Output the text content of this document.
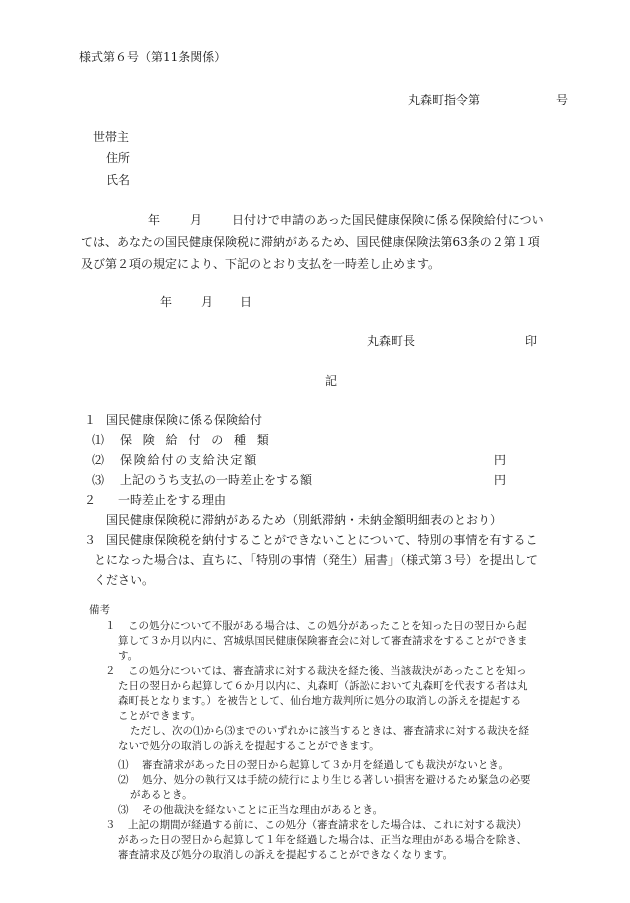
様式第６号（第11条関係）
丸森町指令第	号
世帯主
住所
氏名
年 月 日付けで申請のあった国民健康保険に係る保険給付につい
ては、あなたの国民健康保険税に滞納があるため、国民健康保険法第63条の２第１項
及び第２項の規定により、下記のとおり支払を一時差し止めます。
年 月 日
丸森町長	印
記
１ 国民健康保険に係る保険給付
⑴ 保険給付の種類
⑵ 保険給付の支給決定額	円
⑶ 上記のうち支払の一時差止をする額	円
２ 一時差止をする理由
国民健康保険税に滞納があるため（別紙滞納・未納金額明細表のとおり）
３ 国民健康保険税を納付することができないことについて、特別の事情を有するこ
とになった場合は、直ちに、「特別の事情（発生）届書」（様式第３号）を提出して
ください。
備考
１ この処分について不服がある場合は、この処分があったことを知った日の翌日から起
算して３か月以内に、宮城県国民健康保険審査会に対して審査請求をすることができま
す。
２ この処分については、審査請求に対する裁決を経た後、当該裁決があったことを知っ
た日の翌日から起算して６か月以内に、丸森町（訴訟において丸森町を代表する者は丸
森町長となります。）を被告として、仙台地方裁判所に処分の取消しの訴えを提起する
ことができます。
ただし、次の⑴から⑶までのいずれかに該当するときは、審査請求に対する裁決を経
ないで処分の取消しの訴えを提起することができます。
⑴ 審査請求があった日の翌日から起算して３か月を経過しても裁決がないとき。
⑵ 処分、処分の執行又は手続の続行により生じる著しい損害を避けるため緊急の必要
があるとき。
⑶ その他裁決を経ないことに正当な理由があるとき。
３ 上記の期間が経過する前に、この処分（審査請求をした場合は、これに対する裁決）
があった日の翌日から起算して１年を経過した場合は、正当な理由がある場合を除き、
審査請求及び処分の取消しの訴えを提起することができなくなります。
